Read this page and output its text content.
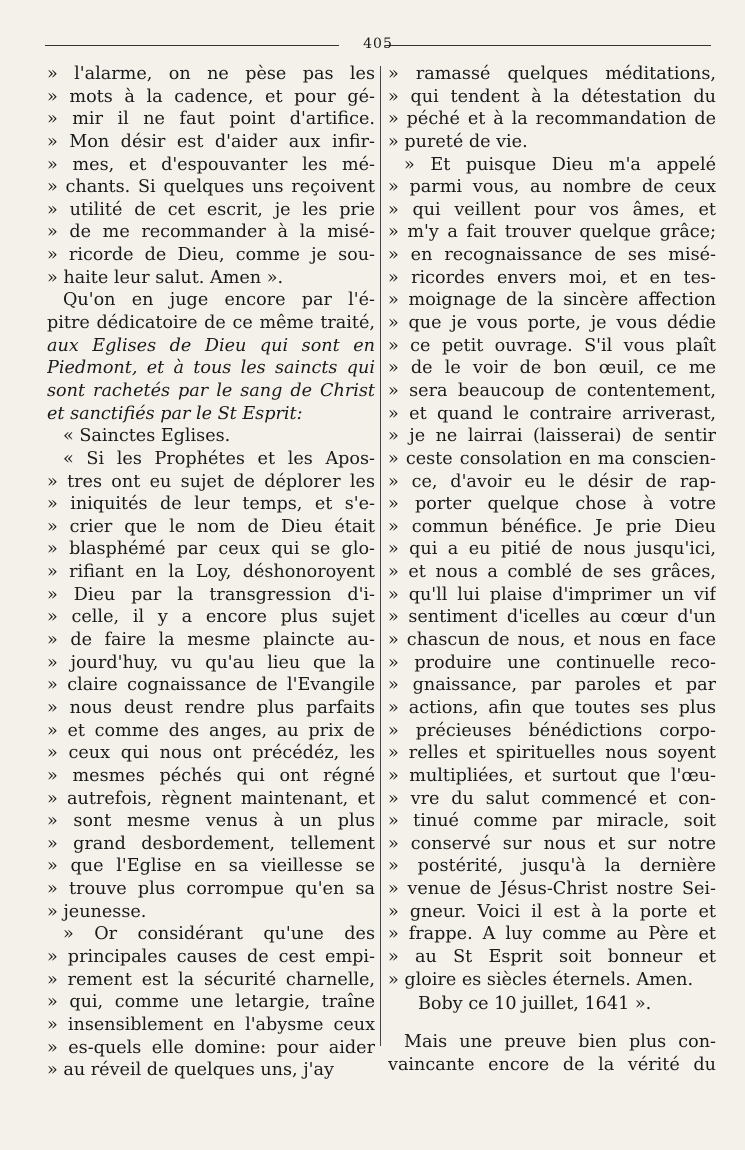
405
» l'alarme, on ne pèse pas les
» mots à la cadence, et pour gé-
» mir il ne faut point d'artifice.
» Mon désir est d'aider aux infir-
» mes, et d'espouvanter les mé-
» chants. Si quelques uns reçoivent
» utilité de cet escrit, je les prie
» de me recommander à la misé-
» ricorde de Dieu, comme je sou-
» haite leur salut. Amen ».
Qu'on en juge encore par l'é-
pitre dédicatoire de ce même traité,
aux Eglises de Dieu qui sont en
Piedmont, et à tous les saincts qui
sont rachetés par le sang de Christ
et sanctifiés par le St Esprit:
« Sainctes Eglises.
« Si les Prophétes et les Apos-
» tres ont eu sujet de déplorer les
» iniquités de leur temps, et s'e-
» crier que le nom de Dieu était
» blasphémé par ceux qui se glo-
» rifiant en la Loy, déshonoroyent
» Dieu par la transgression d'i-
» celle, il y a encore plus sujet
» de faire la mesme plaincte au-
» jourd'huy, vu qu'au lieu que la
» claire cognaissance de l'Evangile
» nous deust rendre plus parfaits
» et comme des anges, au prix de
» ceux qui nous ont précédéz, les
» mesmes péchés qui ont régné
» autrefois, règnent maintenant, et
» sont mesme venus à un plus
» grand desbordement, tellement
» que l'Eglise en sa vieillesse se
» trouve plus corrompue qu'en sa
» jeunesse.
» Or considérant qu'une des
» principales causes de cest empi-
» rement est la sécurité charnelle,
» qui, comme une letargie, traîne
» insensiblement en l'abysme ceux
» es-quels elle domine: pour aider
» au réveil de quelques uns, j'ay
» ramassé quelques méditations,
» qui tendent à la détestation du
» péché et à la recommandation de
» pureté de vie.
» Et puisque Dieu m'a appelé
» parmi vous, au nombre de ceux
» qui veillent pour vos âmes, et
» m'y a fait trouver quelque grâce;
» en recognaissance de ses misé-
» ricordes envers moi, et en tes-
» moignage de la sincère affection
» que je vous porte, je vous dédie
» ce petit ouvrage. S'il vous plaît
» de le voir de bon œuil, ce me
» sera beaucoup de contentement,
» et quand le contraire arriverast,
» je ne lairrai (laisserai) de sentir
» ceste consolation en ma conscien-
» ce, d'avoir eu le désir de rap-
» porter quelque chose à votre
» commun bénéfice. Je prie Dieu
» qui a eu pitié de nous jusqu'ici,
» et nous a comblé de ses grâces,
» qu'll lui plaise d'imprimer un vif
» sentiment d'icelles au cœur d'un
» chascun de nous, et nous en face
» produire une continuelle reco-
» gnaissance, par paroles et par
» actions, afin que toutes ses plus
» précieuses bénédictions corpo-
» relles et spirituelles nous soyent
» multipliées, et surtout que l'œu-
» vre du salut commencé et con-
» tinué comme par miracle, soit
» conservé sur nous et sur notre
» postérité, jusqu'à la dernière
» venue de Jésus-Christ nostre Sei-
» gneur. Voici il est à la porte et
» frappe. A luy comme au Père et
» au St Esprit soit bonneur et
» gloire es siècles éternels. Amen.
Boby ce 10 juillet, 1641 ».
Mais une preuve bien plus con-
vaincante encore de la vérité du
